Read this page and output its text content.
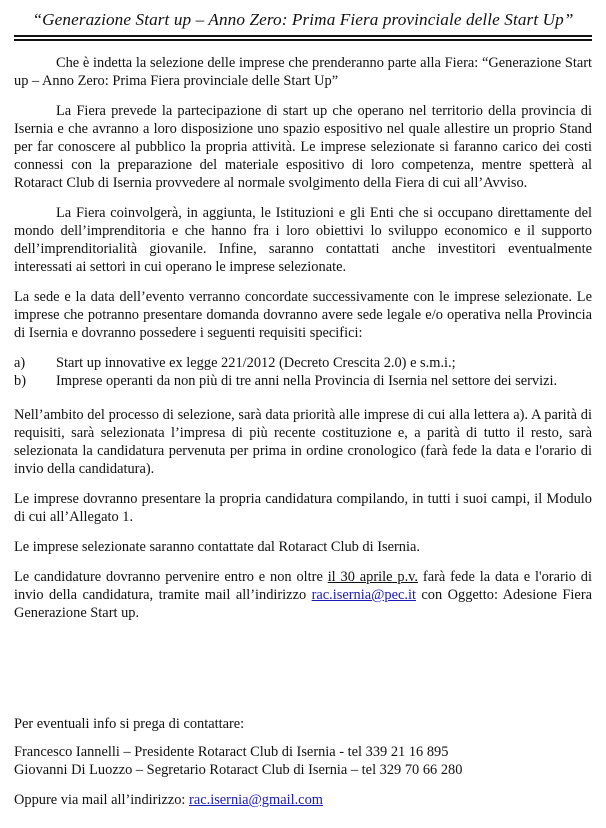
“Generazione Start up – Anno Zero: Prima Fiera provinciale delle Start Up”

Che è indetta la selezione delle imprese che prenderanno parte alla Fiera: “Generazione Start up – Anno Zero: Prima Fiera provinciale delle Start Up”

La Fiera prevede la partecipazione di start up che operano nel territorio della provincia di Isernia e che avranno a loro disposizione uno spazio espositivo nel quale allestire un proprio Stand per far conoscere al pubblico la propria attività. Le imprese selezionate si faranno carico dei costi connessi con la preparazione del materiale espositivo di loro competenza, mentre spetterà al Rotaract Club di Isernia provvedere al normale svolgimento della Fiera di cui all’Avviso.

La Fiera coinvolgerà, in aggiunta, le Istituzioni e gli Enti che si occupano direttamente del mondo dell’imprenditoria e che hanno fra i loro obiettivi lo sviluppo economico e il supporto dell’imprenditorialità giovanile. Infine, saranno contattati anche investitori eventualmente interessati ai settori in cui operano le imprese selezionate.

La sede e la data dell’evento verranno concordate successivamente con le imprese selezionate. Le imprese che potranno presentare domanda dovranno avere sede legale e/o operativa nella Provincia di Isernia e dovranno possedere i seguenti requisiti specifici:

a)	Start up innovative ex legge 221/2012 (Decreto Crescita 2.0) e s.m.i.;
b)	Imprese operanti da non più di tre anni nella Provincia di Isernia nel settore dei servizi.

Nell’ambito del processo di selezione, sarà data priorità alle imprese di cui alla lettera a). A parità di requisiti, sarà selezionata l’impresa di più recente costituzione e, a parità di tutto il resto, sarà selezionata la candidatura pervenuta per prima in ordine cronologico (farà fede la data e l'orario di invio della candidatura).

Le imprese dovranno presentare la propria candidatura compilando, in tutti i suoi campi, il Modulo di cui all’Allegato 1.

Le imprese selezionate saranno contattate dal Rotaract Club di Isernia.

Le candidature dovranno pervenire entro e non oltre il 30 aprile p.v. farà fede la data e l'orario di invio della candidatura, tramite mail all’indirizzo rac.isernia@pec.it con Oggetto: Adesione Fiera Generazione Start up.

Per eventuali info si prega di contattare:

Francesco Iannelli – Presidente Rotaract Club di Isernia - tel 339 21 16 895

Giovanni Di Luozzo – Segretario Rotaract Club di Isernia – tel 329 70 66 280

Oppure via mail all’indirizzo: rac.isernia@gmail.com
